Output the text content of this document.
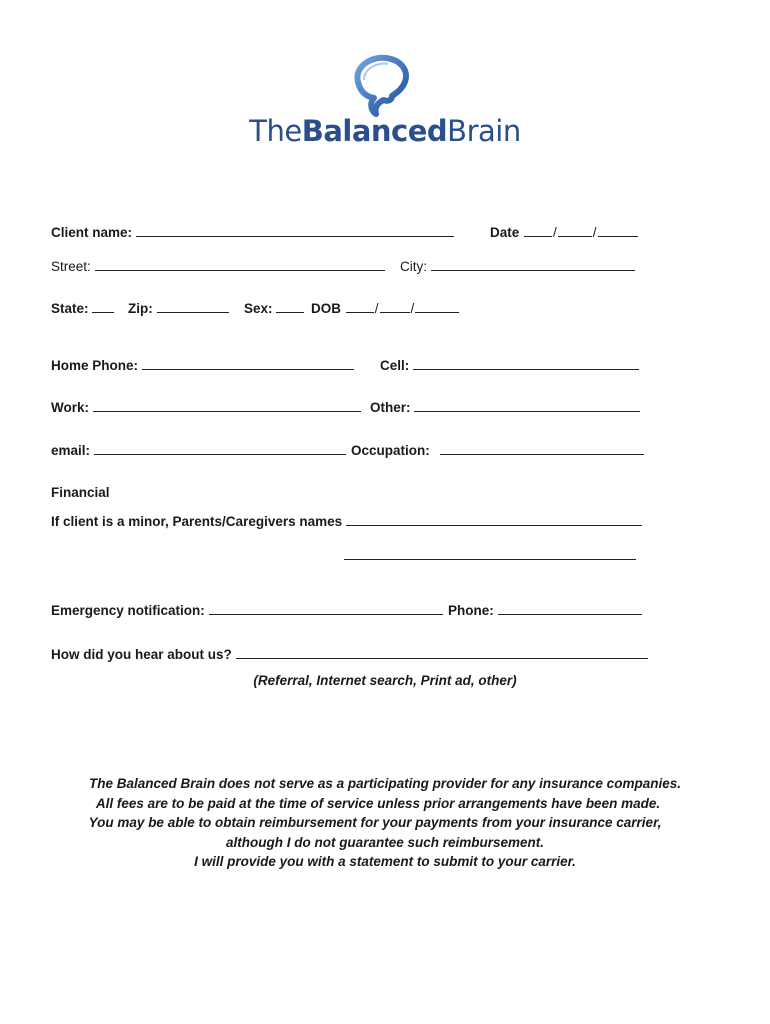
TheBalancedBrain
Client name:	Date	/	/
Street:	City:
State:	Zip:	Sex:	DOB	/ /
Home Phone:	Cell:
Work:	Other:
email:	Occupation:
Financial
If client is a minor, Parents/Caregivers names
Emergency notification:	Phone:
How did you hear about us?
(Referral, Internet search, Print ad, other)
The Balanced Brain does not serve as a participating provider for any insurance companies.
All fees are to be paid at the time of service unless prior arrangements have been made.
You may be able to obtain reimbursement for your payments from your insurance carrier,
although I do not guarantee such reimbursement.
I will provide you with a statement to submit to your carrier.
